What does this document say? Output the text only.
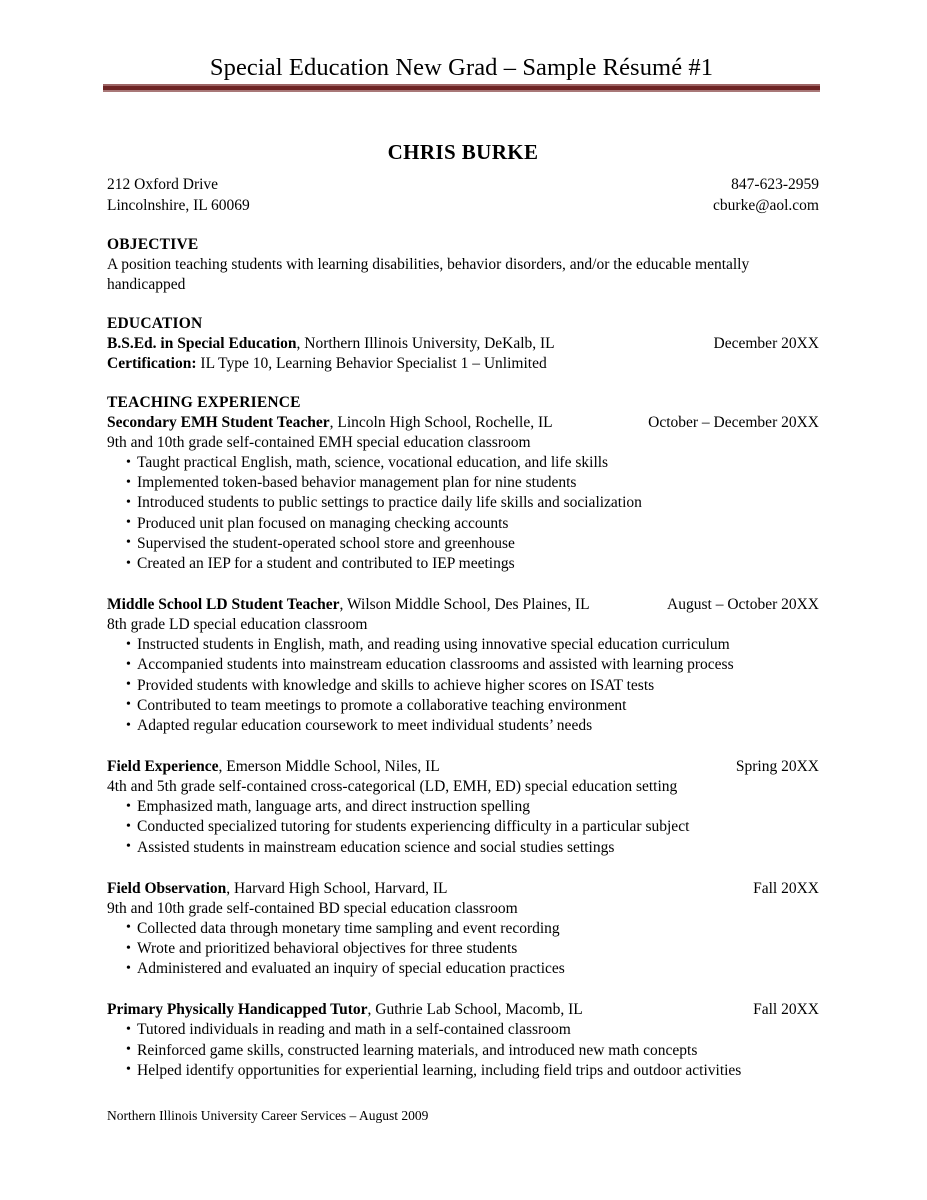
Special Education New Grad – Sample Résumé #1
CHRIS BURKE
212 Oxford Drive
Lincolnshire, IL 60069
847-623-2959
cburke@aol.com
OBJECTIVE
A position teaching students with learning disabilities, behavior disorders, and/or the educable mentally handicapped
EDUCATION
B.S.Ed. in Special Education, Northern Illinois University, DeKalb, IL	December 20XX
Certification: IL Type 10, Learning Behavior Specialist 1 – Unlimited
TEACHING EXPERIENCE
Secondary EMH Student Teacher, Lincoln High School, Rochelle, IL	October – December 20XX
9th and 10th grade self-contained EMH special education classroom
• Taught practical English, math, science, vocational education, and life skills
• Implemented token-based behavior management plan for nine students
• Introduced students to public settings to practice daily life skills and socialization
• Produced unit plan focused on managing checking accounts
• Supervised the student-operated school store and greenhouse
• Created an IEP for a student and contributed to IEP meetings
Middle School LD Student Teacher, Wilson Middle School, Des Plaines, IL	August – October 20XX
8th grade LD special education classroom
• Instructed students in English, math, and reading using innovative special education curriculum
• Accompanied students into mainstream education classrooms and assisted with learning process
• Provided students with knowledge and skills to achieve higher scores on ISAT tests
• Contributed to team meetings to promote a collaborative teaching environment
• Adapted regular education coursework to meet individual students’ needs
Field Experience, Emerson Middle School, Niles, IL	Spring 20XX
4th and 5th grade self-contained cross-categorical (LD, EMH, ED) special education setting
• Emphasized math, language arts, and direct instruction spelling
• Conducted specialized tutoring for students experiencing difficulty in a particular subject
• Assisted students in mainstream education science and social studies settings
Field Observation, Harvard High School, Harvard, IL	Fall 20XX
9th and 10th grade self-contained BD special education classroom
• Collected data through monetary time sampling and event recording
• Wrote and prioritized behavioral objectives for three students
• Administered and evaluated an inquiry of special education practices
Primary Physically Handicapped Tutor, Guthrie Lab School, Macomb, IL	Fall 20XX
• Tutored individuals in reading and math in a self-contained classroom
• Reinforced game skills, constructed learning materials, and introduced new math concepts
• Helped identify opportunities for experiential learning, including field trips and outdoor activities
Northern Illinois University Career Services – August 2009
